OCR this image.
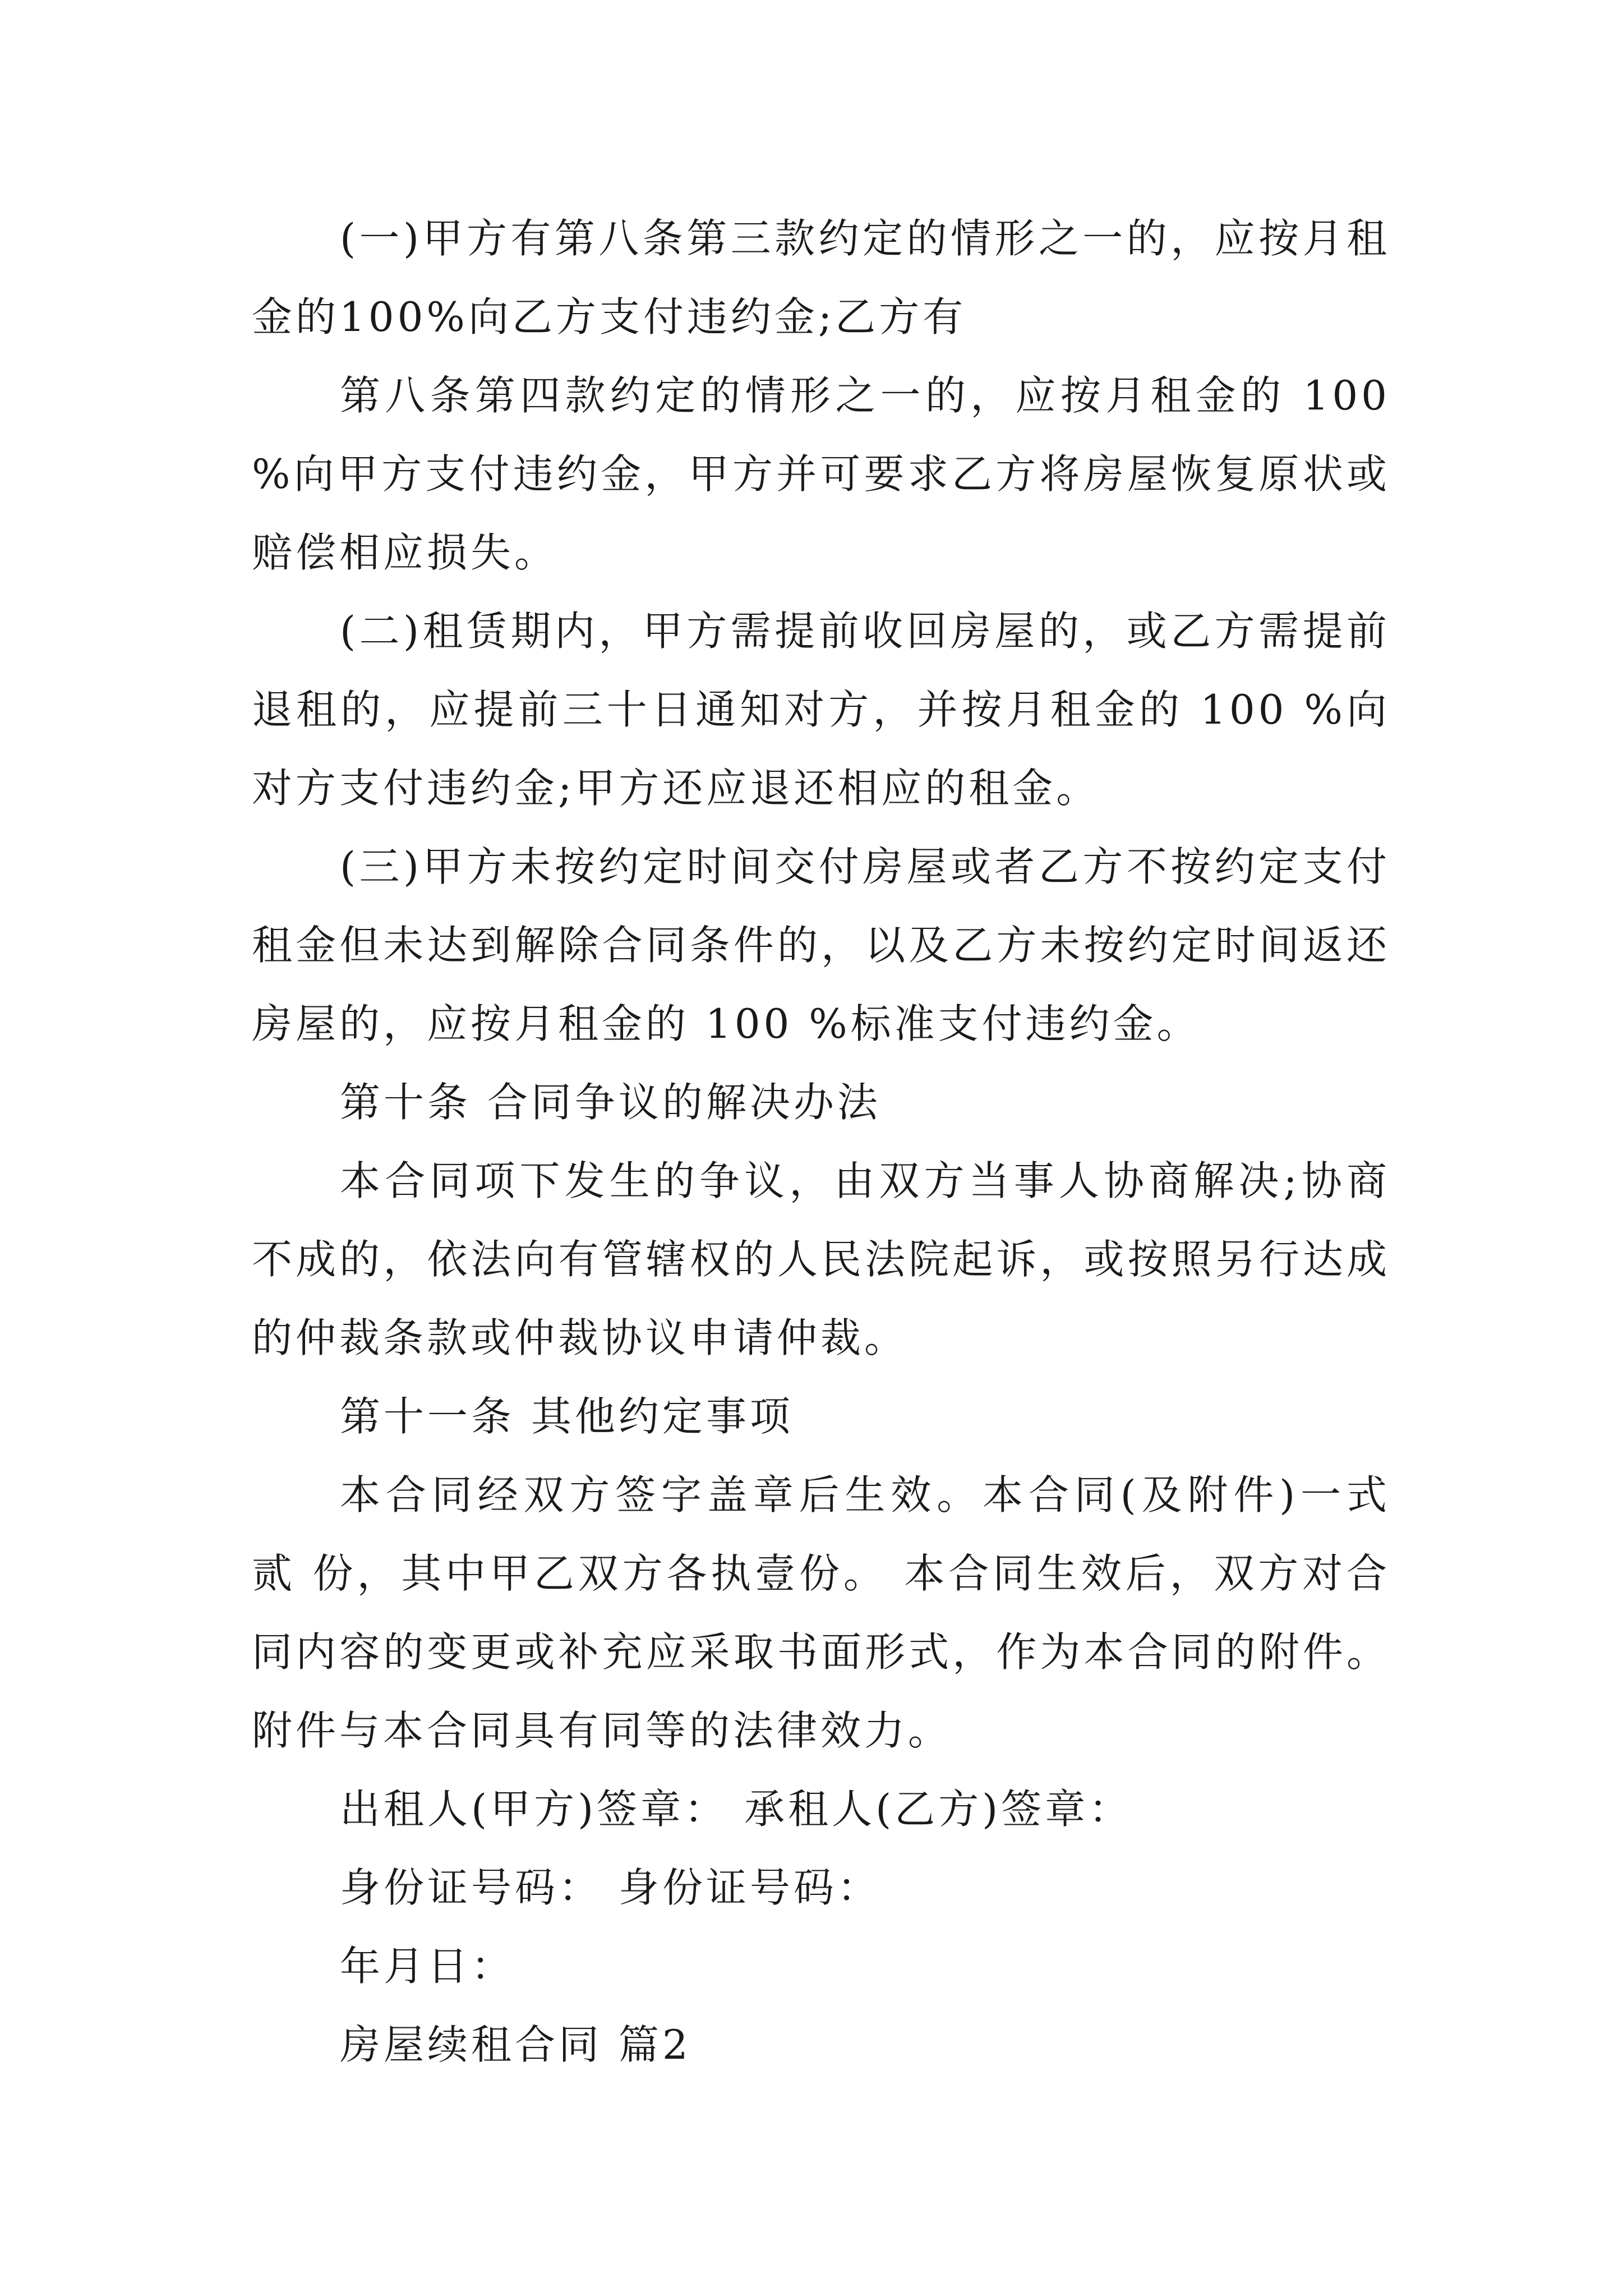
(一)甲方有第八条第三款约定的情形之一的，应按月租金的100%向乙方支付违约金;乙方有

第八条第四款约定的情形之一的，应按月租金的 100 %向甲方支付违约金，甲方并可要求乙方将房屋恢复原状或赔偿相应损失。

(二)租赁期内，甲方需提前收回房屋的，或乙方需提前退租的，应提前三十日通知对方，并按月租金的 100 %向对方支付违约金;甲方还应退还相应的租金。

(三)甲方未按约定时间交付房屋或者乙方不按约定支付租金但未达到解除合同条件的，以及乙方未按约定时间返还房屋的，应按月租金的 100 %标准支付违约金。

第十条 合同争议的解决办法

本合同项下发生的争议，由双方当事人协商解决;协商不成的，依法向有管辖权的人民法院起诉，或按照另行达成的仲裁条款或仲裁协议申请仲裁。

第十一条 其他约定事项

本合同经双方签字盖章后生效。本合同(及附件)一式 贰 份，其中甲乙双方各执壹份。 本合同生效后，双方对合同内容的变更或补充应采取书面形式，作为本合同的附件。附件与本合同具有同等的法律效力。

出租人(甲方)签章： 承租人(乙方)签章：

身份证号码： 身份证号码：

年月日：

房屋续租合同 篇2
